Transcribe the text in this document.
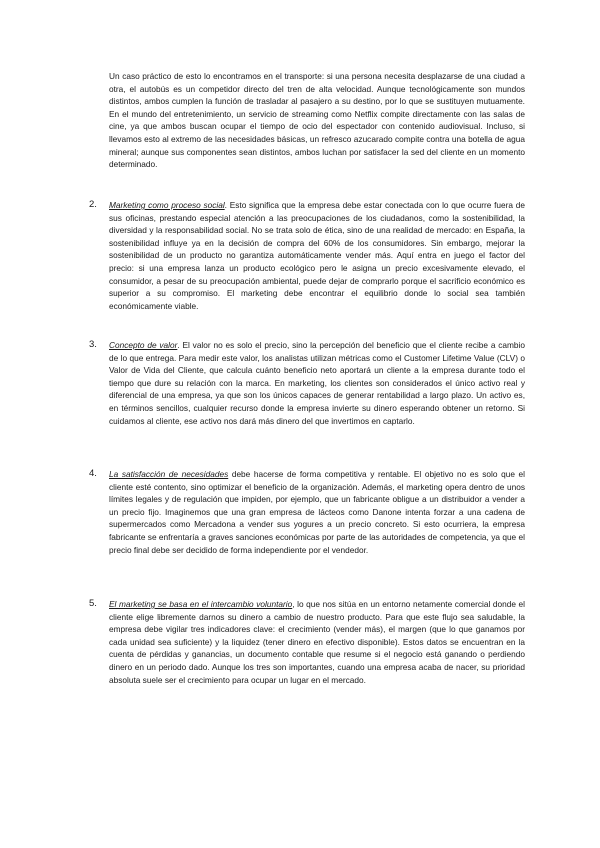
Un caso práctico de esto lo encontramos en el transporte: si una persona necesita desplazarse de una ciudad a otra, el autobús es un competidor directo del tren de alta velocidad. Aunque tecnológicamente son mundos distintos, ambos cumplen la función de trasladar al pasajero a su destino, por lo que se sustituyen mutuamente. En el mundo del entretenimiento, un servicio de streaming como Netflix compite directamente con las salas de cine, ya que ambos buscan ocupar el tiempo de ocio del espectador con contenido audiovisual. Incluso, si llevamos esto al extremo de las necesidades básicas, un refresco azucarado compite contra una botella de agua mineral; aunque sus componentes sean distintos, ambos luchan por satisfacer la sed del cliente en un momento determinado.

2. Marketing como proceso social. Esto significa que la empresa debe estar conectada con lo que ocurre fuera de sus oficinas, prestando especial atención a las preocupaciones de los ciudadanos, como la sostenibilidad, la diversidad y la responsabilidad social. No se trata solo de ética, sino de una realidad de mercado: en España, la sostenibilidad influye ya en la decisión de compra del 60% de los consumidores. Sin embargo, mejorar la sostenibilidad de un producto no garantiza automáticamente vender más. Aquí entra en juego el factor del precio: si una empresa lanza un producto ecológico pero le asigna un precio excesivamente elevado, el consumidor, a pesar de su preocupación ambiental, puede dejar de comprarlo porque el sacrificio económico es superior a su compromiso. El marketing debe encontrar el equilibrio donde lo social sea también económicamente viable.

3. Concepto de valor. El valor no es solo el precio, sino la percepción del beneficio que el cliente recibe a cambio de lo que entrega. Para medir este valor, los analistas utilizan métricas como el Customer Lifetime Value (CLV) o Valor de Vida del Cliente, que calcula cuánto beneficio neto aportará un cliente a la empresa durante todo el tiempo que dure su relación con la marca. En marketing, los clientes son considerados el único activo real y diferencial de una empresa, ya que son los únicos capaces de generar rentabilidad a largo plazo. Un activo es, en términos sencillos, cualquier recurso donde la empresa invierte su dinero esperando obtener un retorno. Si cuidamos al cliente, ese activo nos dará más dinero del que invertimos en captarlo.

4. La satisfacción de necesidades debe hacerse de forma competitiva y rentable. El objetivo no es solo que el cliente esté contento, sino optimizar el beneficio de la organización. Además, el marketing opera dentro de unos límites legales y de regulación que impiden, por ejemplo, que un fabricante obligue a un distribuidor a vender a un precio fijo. Imaginemos que una gran empresa de lácteos como Danone intenta forzar a una cadena de supermercados como Mercadona a vender sus yogures a un precio concreto. Si esto ocurriera, la empresa fabricante se enfrentaría a graves sanciones económicas por parte de las autoridades de competencia, ya que el precio final debe ser decidido de forma independiente por el vendedor.

5. El marketing se basa en el intercambio voluntario, lo que nos sitúa en un entorno netamente comercial donde el cliente elige libremente darnos su dinero a cambio de nuestro producto. Para que este flujo sea saludable, la empresa debe vigilar tres indicadores clave: el crecimiento (vender más), el margen (que lo que ganamos por cada unidad sea suficiente) y la liquidez (tener dinero en efectivo disponible). Estos datos se encuentran en la cuenta de pérdidas y ganancias, un documento contable que resume si el negocio está ganando o perdiendo dinero en un periodo dado. Aunque los tres son importantes, cuando una empresa acaba de nacer, su prioridad absoluta suele ser el crecimiento para ocupar un lugar en el mercado.
